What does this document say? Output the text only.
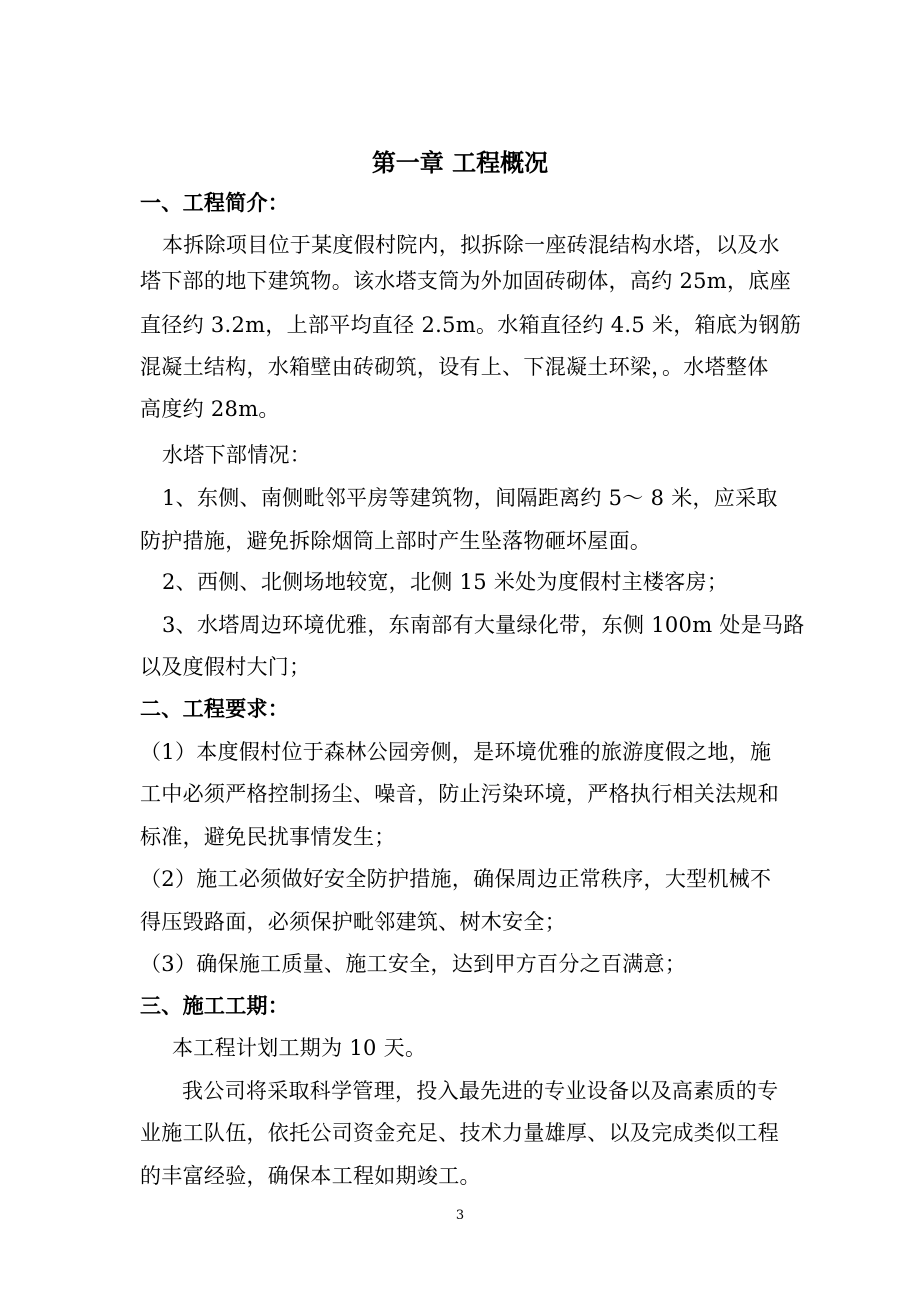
第一章 工程概况
一、工程简介：
本拆除项目位于某度假村院内，拟拆除一座砖混结构水塔，以及水
塔下部的地下建筑物。该水塔支筒为外加固砖砌体，高约 25m，底座
直径约 3.2m，上部平均直径 2.5m。水箱直径约 4.5 米，箱底为钢筋
混凝土结构，水箱壁由砖砌筑，设有上、下混凝土环梁，。水塔整体
高度约 28m。
水塔下部情况：
1、东侧、南侧毗邻平房等建筑物，间隔距离约 5～ 8 米，应采取
防护措施，避免拆除烟筒上部时产生坠落物砸坏屋面。
2、西侧、北侧场地较宽，北侧 15 米处为度假村主楼客房；
3、水塔周边环境优雅，东南部有大量绿化带，东侧 100m 处是马路
以及度假村大门；
二、工程要求：
（1）本度假村位于森林公园旁侧，是环境优雅的旅游度假之地，施
工中必须严格控制扬尘、噪音，防止污染环境，严格执行相关法规和
标准，避免民扰事情发生；
（2）施工必须做好安全防护措施，确保周边正常秩序，大型机械不
得压毁路面，必须保护毗邻建筑、树木安全；
（3）确保施工质量、施工安全，达到甲方百分之百满意；
三、施工工期：
本工程计划工期为 10 天。
我公司将采取科学管理，投入最先进的专业设备以及高素质的专
业施工队伍，依托公司资金充足、技术力量雄厚、以及完成类似工程
的丰富经验，确保本工程如期竣工。
3
